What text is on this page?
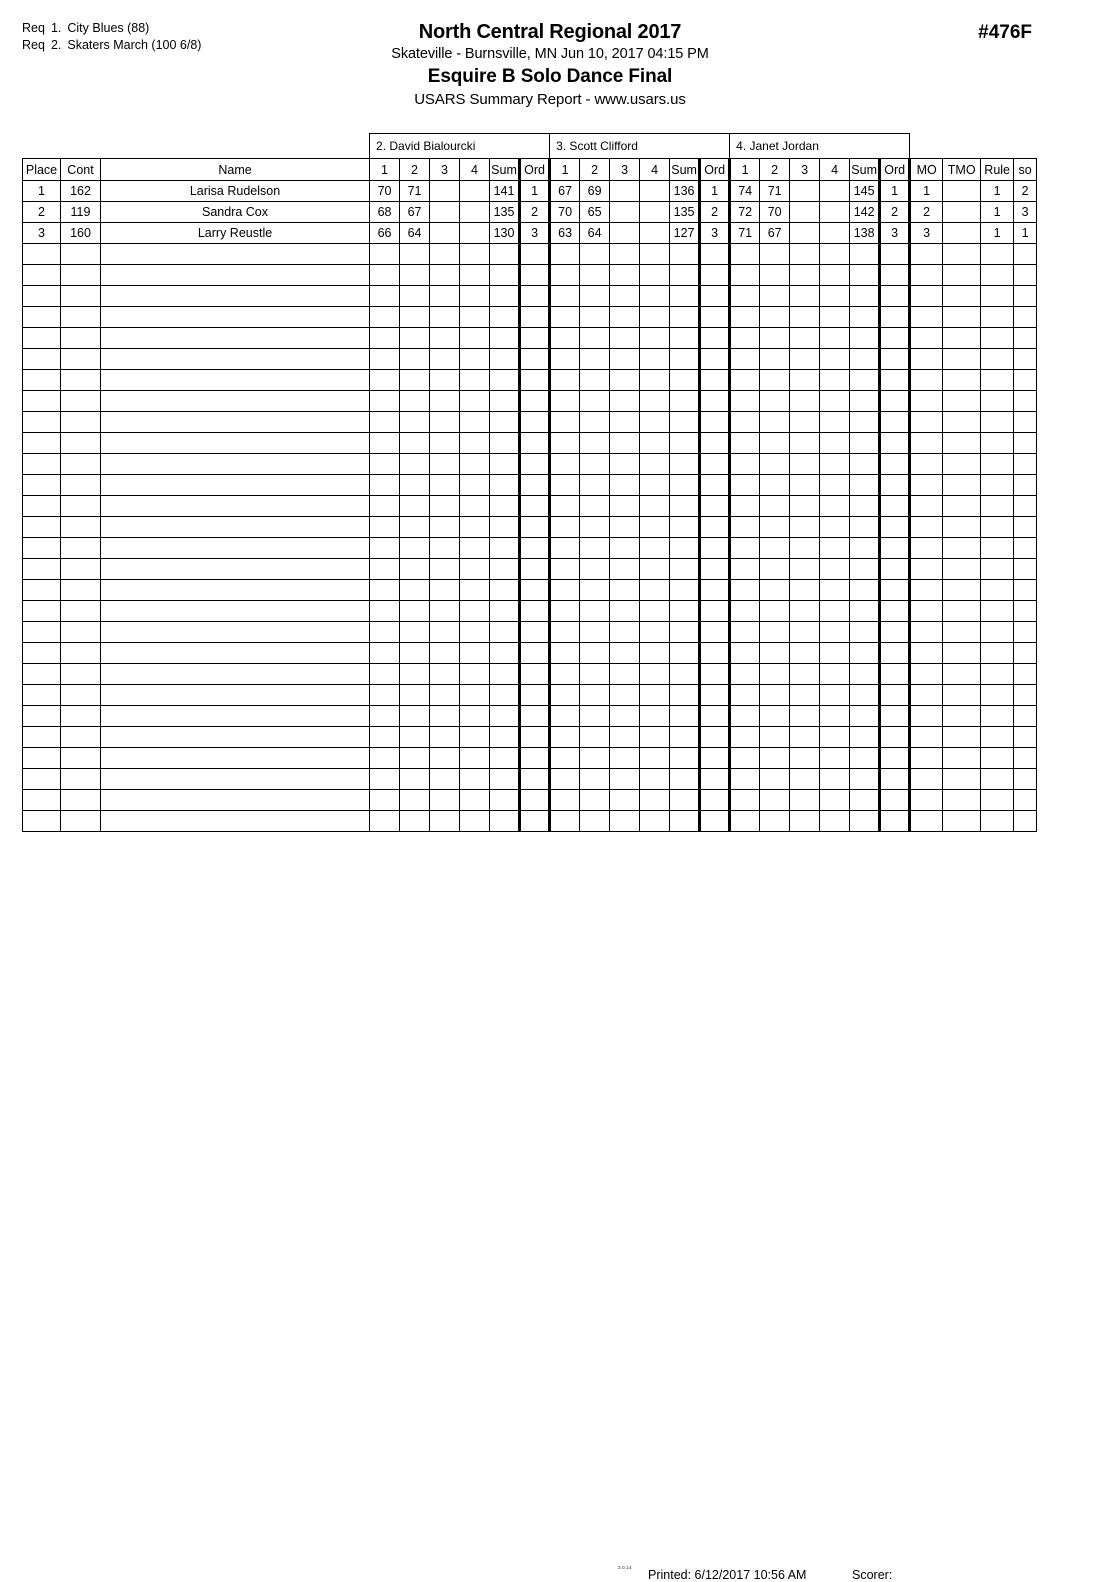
Req 1. City Blues (88)
Req 2. Skaters March (100 6/8)
North Central Regional 2017
Skateville - Burnsville, MN Jun 10, 2017 04:15 PM
Esquire B Solo Dance Final
USARS Summary Report - www.usars.us
#476F
			2. David Bialourcki						3. Scott Clifford						4. Janet Jordan									
Place	Cont	Name	1	2	3	4	Sum	Ord	1	2	3	4	Sum	Ord	1	2	3	4	Sum	Ord	MO	TMO	Rule	so
1	162	Larisa Rudelson	70	71			141	1	67	69			136	1	74	71			145	1	1		1	2
2	119	Sandra Cox	68	67			135	2	70	65			135	2	72	70			142	2	2		1	3
3	160	Larry Reustle	66	64			130	3	63	64			127	3	71	67			138	3	3		1	1

3.0.14
Printed: 6/12/2017 10:56 AM	Scorer:
